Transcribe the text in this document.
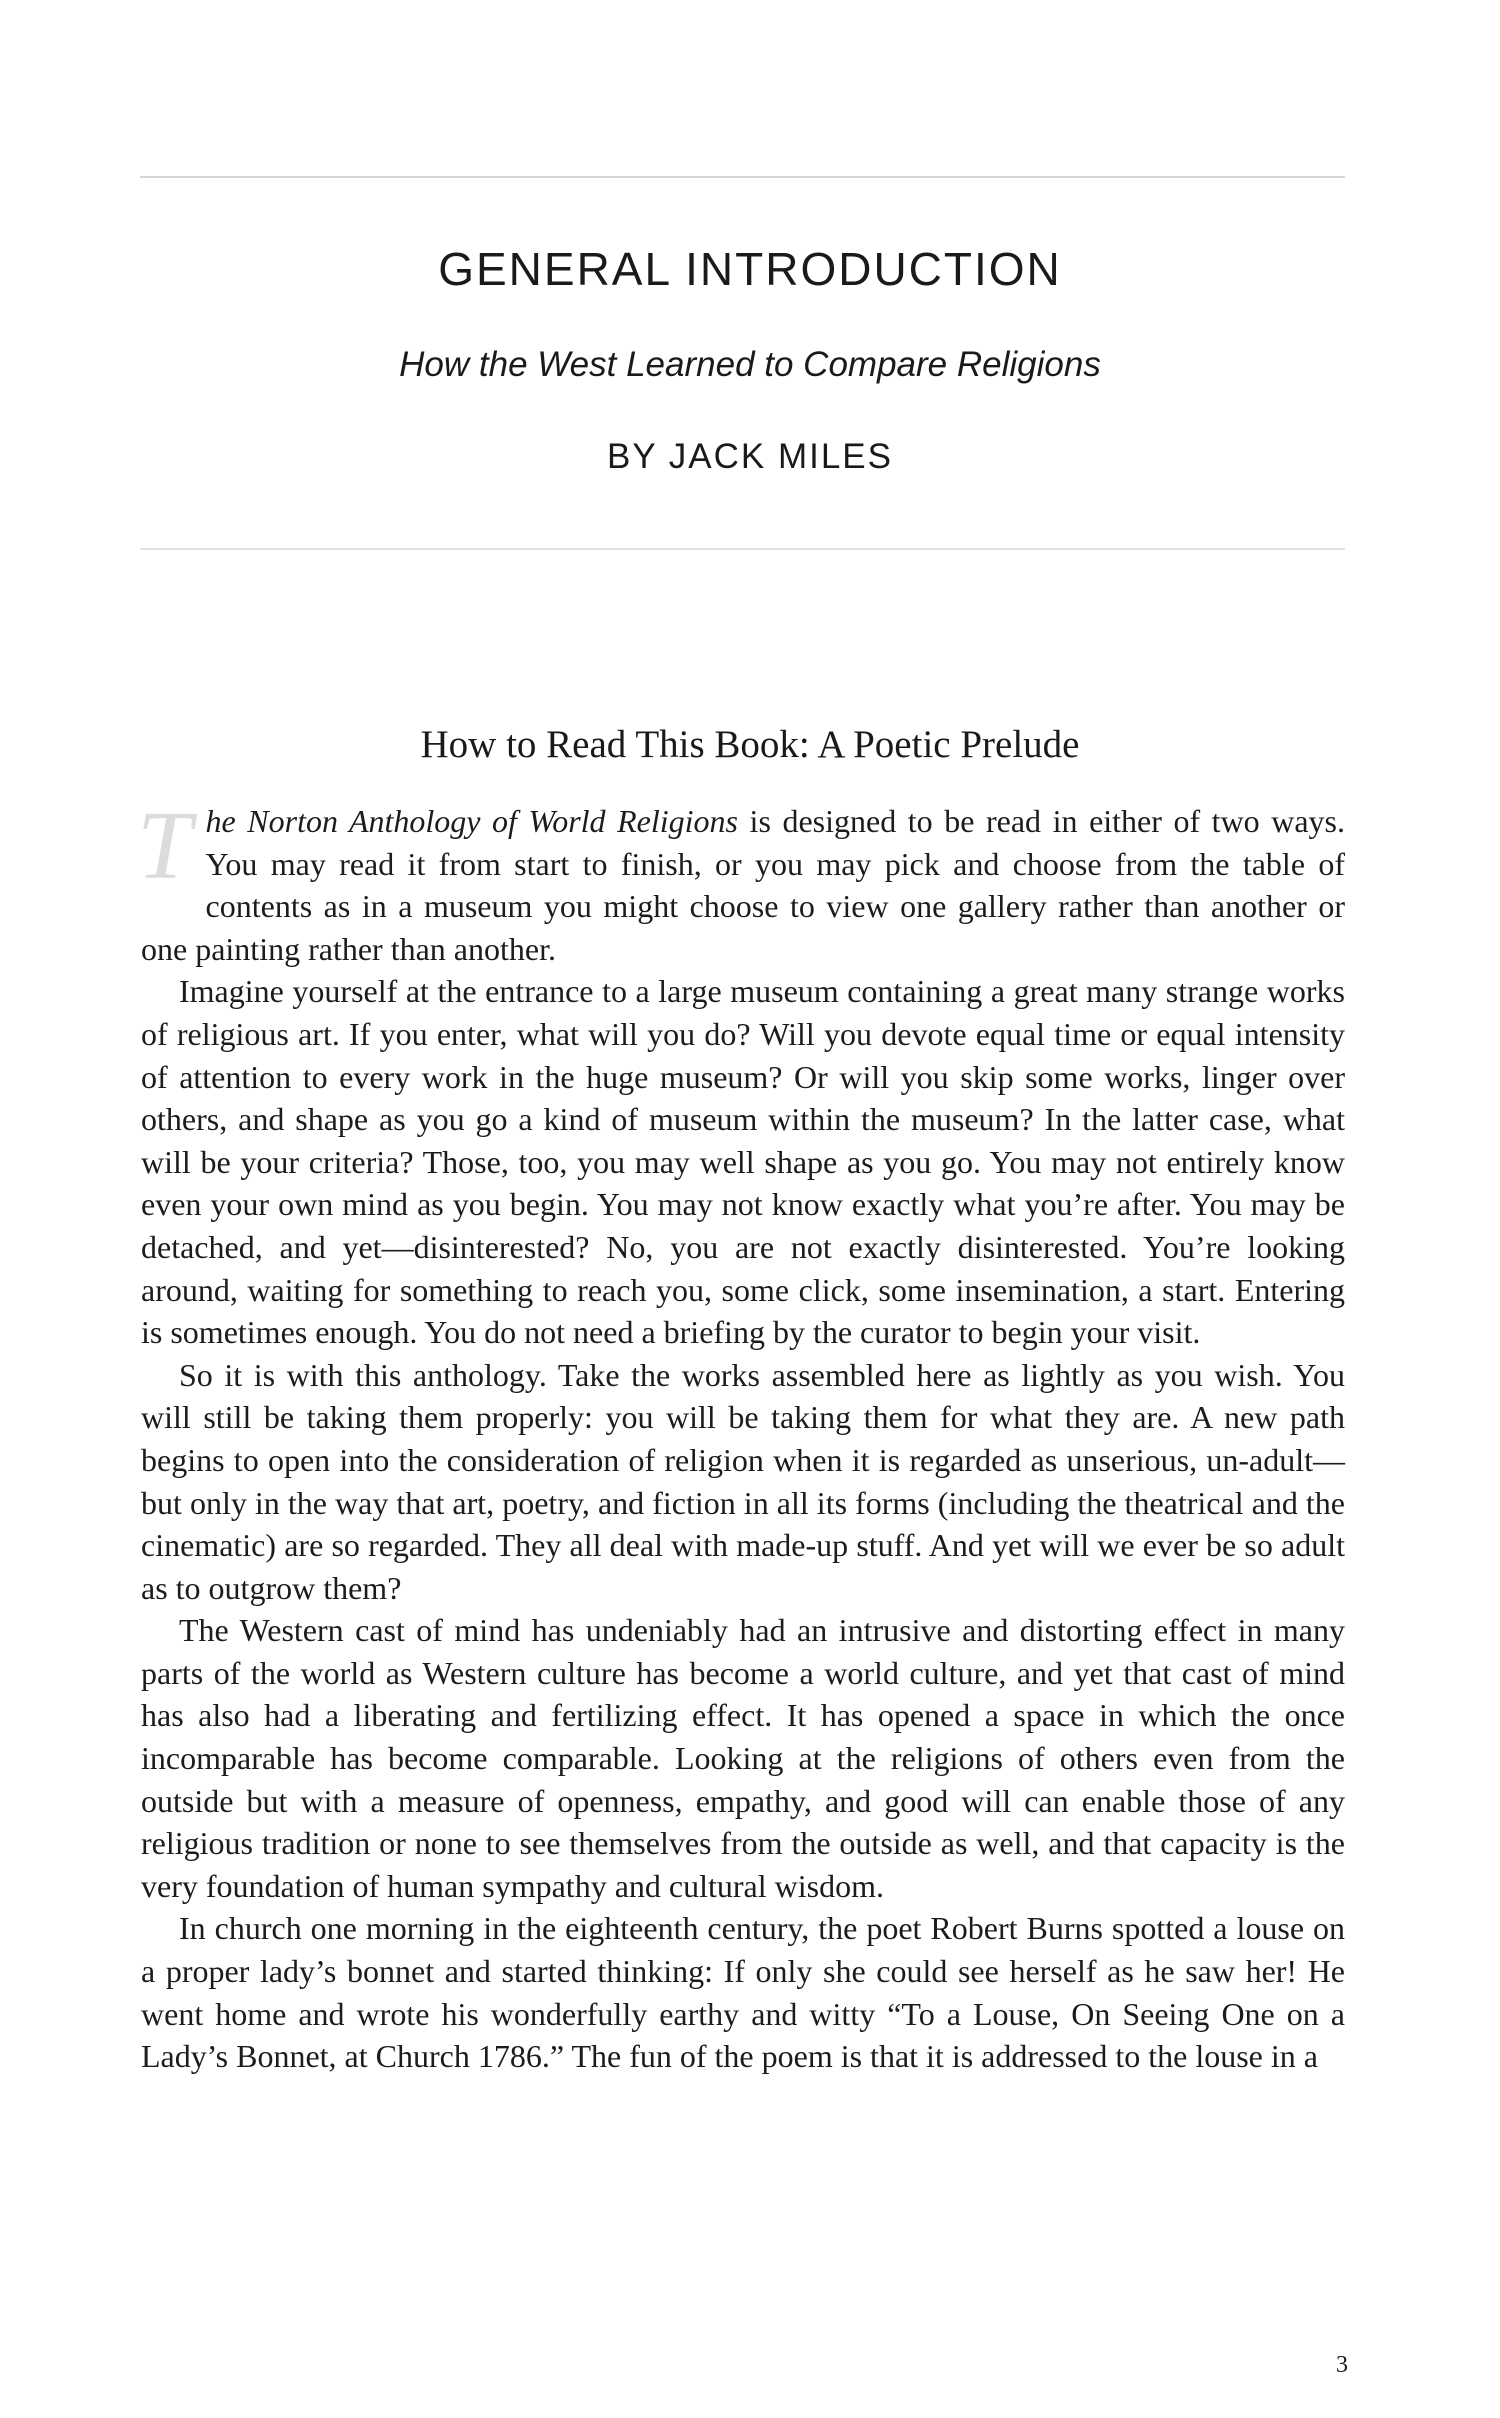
GENERAL INTRODUCTION
How the West Learned to Compare Religions
BY JACK MILES
How to Read This Book: A Poetic Prelude

The Norton Anthology of World Religions is designed to be read in either of two ways. You may read it from start to finish, or you may pick and choose from the table of contents as in a museum you might choose to view one gallery rather than another or one painting rather than another.

Imagine yourself at the entrance to a large museum containing a great many strange works of religious art. If you enter, what will you do? Will you devote equal time or equal intensity of attention to every work in the huge museum? Or will you skip some works, linger over others, and shape as you go a kind of museum within the museum? In the latter case, what will be your criteria? Those, too, you may well shape as you go. You may not entirely know even your own mind as you begin. You may not know exactly what you’re after. You may be detached, and yet—disinterested? No, you are not exactly disinterested. You’re looking around, waiting for something to reach you, some click, some insemination, a start. Entering is sometimes enough. You do not need a briefing by the curator to begin your visit.

So it is with this anthology. Take the works assembled here as lightly as you wish. You will still be taking them properly: you will be taking them for what they are. A new path begins to open into the consideration of religion when it is regarded as unserious, un-adult—but only in the way that art, poetry, and fiction in all its forms (including the theatrical and the cinematic) are so regarded. They all deal with made-up stuff. And yet will we ever be so adult as to outgrow them?

The Western cast of mind has undeniably had an intrusive and distorting effect in many parts of the world as Western culture has become a world culture, and yet that cast of mind has also had a liberating and fertilizing effect. It has opened a space in which the once incomparable has become comparable. Looking at the religions of others even from the outside but with a measure of openness, empathy, and good will can enable those of any religious tradition or none to see themselves from the outside as well, and that capacity is the very foundation of human sympathy and cultural wisdom.

In church one morning in the eighteenth century, the poet Robert Burns spotted a louse on a proper lady’s bonnet and started thinking: If only she could see herself as he saw her! He went home and wrote his wonderfully earthy and witty “To a Louse, On Seeing One on a Lady’s Bonnet, at Church 1786.” The fun of the poem is that it is addressed to the louse in a

3
